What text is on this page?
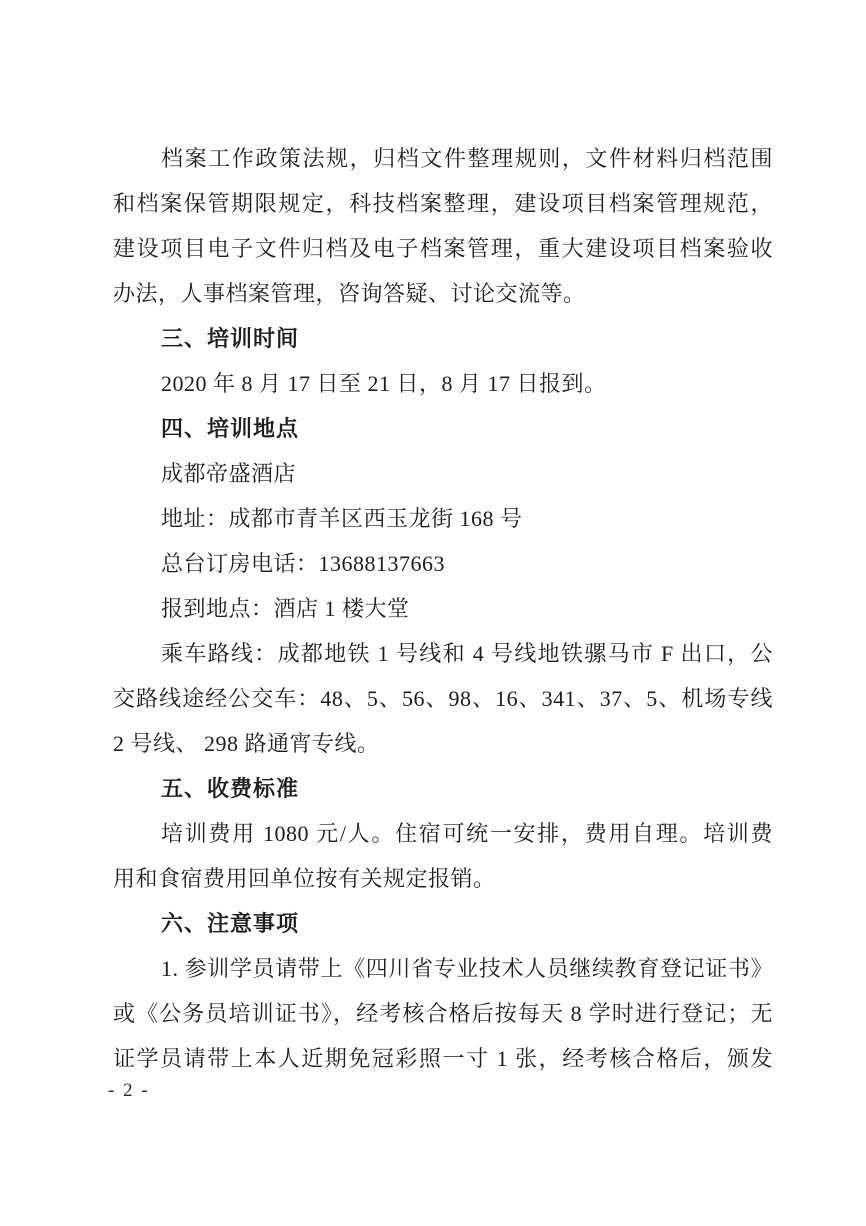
档案工作政策法规，归档文件整理规则，文件材料归档范围
和档案保管期限规定，科技档案整理，建设项目档案管理规范，
建设项目电子文件归档及电子档案管理，重大建设项目档案验收
办法，人事档案管理，咨询答疑、讨论交流等。
三、培训时间
2020 年 8 月 17 日至 21 日，8 月 17 日报到。
四、培训地点
成都帝盛酒店
地址：成都市青羊区西玉龙街 168 号
总台订房电话：13688137663
报到地点：酒店 1 楼大堂
乘车路线：成都地铁 1 号线和 4 号线地铁骡马市 F 出口，公
交路线途经公交车：48、5、56、98、16、341、37、5、机场专线
2 号线、 298 路通宵专线。
五、收费标准
培训费用 1080 元/人。住宿可统一安排，费用自理。培训费
用和食宿费用回单位按有关规定报销。
六、注意事项
1. 参训学员请带上《四川省专业技术人员继续教育登记证书》
或《公务员培训证书》，经考核合格后按每天 8 学时进行登记；无
证学员请带上本人近期免冠彩照一寸 1 张，经考核合格后，颁发
- 2 -
